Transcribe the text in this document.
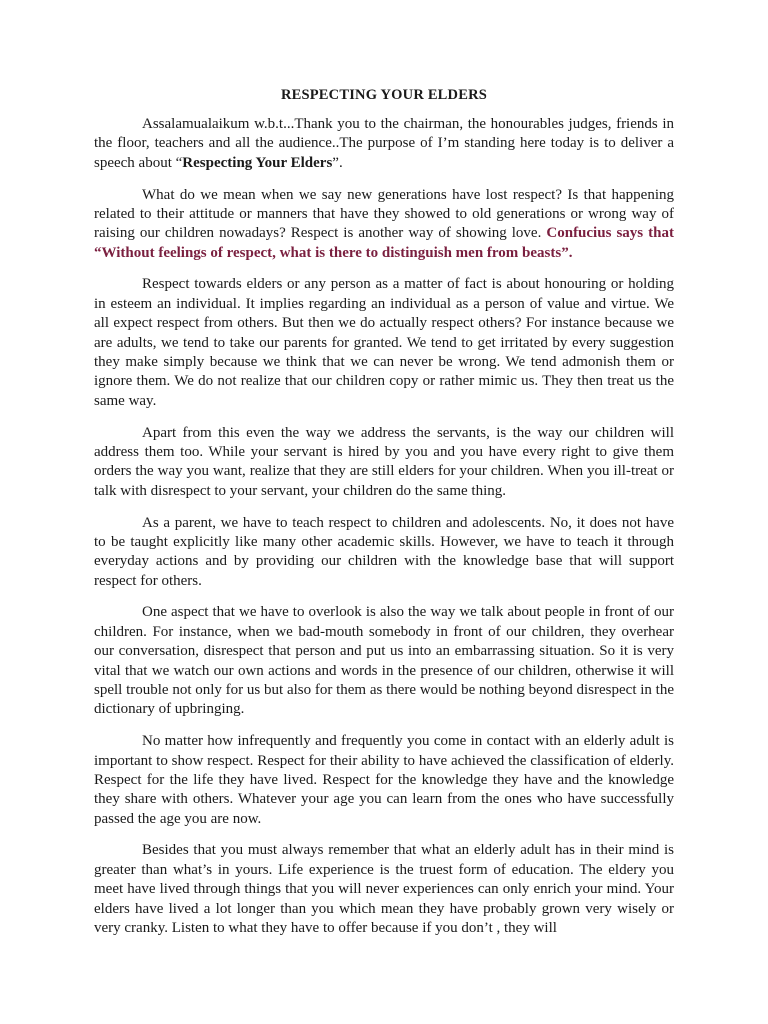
RESPECTING YOUR ELDERS

Assalamualaikum w.b.t...Thank you to the chairman, the honourables judges, friends in the floor, teachers and all the audience..The purpose of I’m standing here today is to deliver a speech about “Respecting Your Elders”.

What do we mean when we say new generations have lost respect? Is that happening related to their attitude or manners that have they showed to old generations or wrong way of raising our children nowadays? Respect is another way of showing love. Confucius says that “Without feelings of respect, what is there to distinguish men from beasts”.

Respect towards elders or any person as a matter of fact is about honouring or holding in esteem an individual. It implies regarding an individual as a person of value and virtue. We all expect respect from others. But then we do actually respect others? For instance because we are adults, we tend to take our parents for granted. We tend to get irritated by every suggestion they make simply because we think that we can never be wrong. We tend admonish them or ignore them. We do not realize that our children copy or rather mimic us. They then treat us the same way.

Apart from this even the way we address the servants, is the way our children will address them too. While your servant is hired by you and you have every right to give them orders the way you want, realize that they are still elders for your children. When you ill-treat or talk with disrespect to your servant, your children do the same thing.

As a parent, we have to teach respect to children and adolescents. No, it does not have to be taught explicitly like many other academic skills. However, we have to teach it through everyday actions and by providing our children with the knowledge base that will support respect for others.

One aspect that we have to overlook is also the way we talk about people in front of our children. For instance, when we bad-mouth somebody in front of our children, they overhear our conversation, disrespect that person and put us into an embarrassing situation. So it is very vital that we watch our own actions and words in the presence of our children, otherwise it will spell trouble not only for us but also for them as there would be nothing beyond disrespect in the dictionary of upbringing.

No matter how infrequently and frequently you come in contact with an elderly adult is important to show respect. Respect for their ability to have achieved the classification of elderly. Respect for the life they have lived. Respect for the knowledge they have and the knowledge they share with others. Whatever your age you can learn from the ones who have successfully passed the age you are now.

Besides that you must always remember that what an elderly adult has in their mind is greater than what’s in yours. Life experience is the truest form of education. The eldery you meet have lived through things that you will never experiences can only enrich your mind. Your elders have lived a lot longer than you which mean they have probably grown very wisely or very cranky. Listen to what they have to offer because if you don’t , they will
